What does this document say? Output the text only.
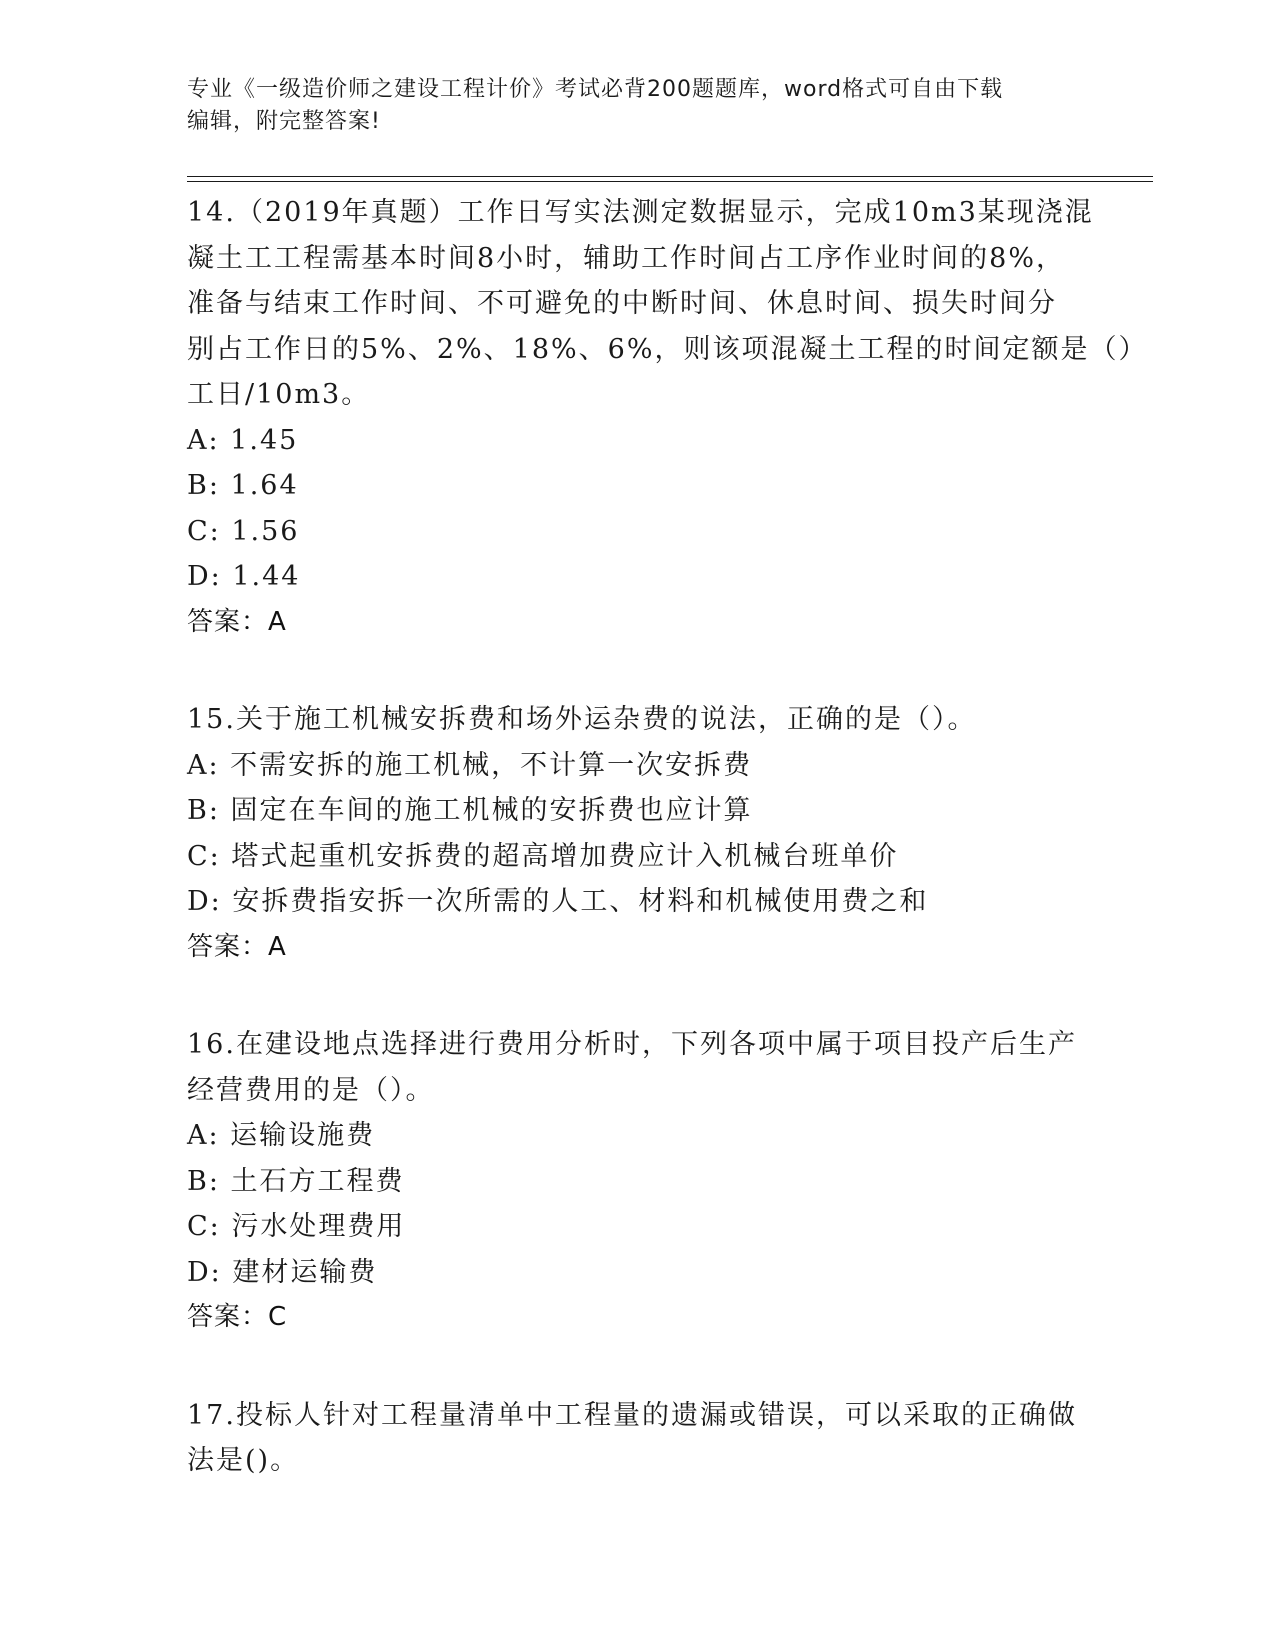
专业《一级造价师之建设工程计价》考试必背200题题库，word格式可自由下载
编辑，附完整答案!
14.（2019年真题）工作日写实法测定数据显示，完成10m3某现浇混
凝土工工程需基本时间8小时，辅助工作时间占工序作业时间的8%，
准备与结束工作时间、不可避免的中断时间、休息时间、损失时间分
别占工作日的5%、2%、18%、6%，则该项混凝土工程的时间定额是（）
工日/10m3。
A: 1.45
B: 1.64
C: 1.56
D: 1.44
答案：A
15.关于施工机械安拆费和场外运杂费的说法，正确的是（）。
A: 不需安拆的施工机械，不计算一次安拆费
B: 固定在车间的施工机械的安拆费也应计算
C: 塔式起重机安拆费的超高增加费应计入机械台班单价
D: 安拆费指安拆一次所需的人工、材料和机械使用费之和
答案：A
16.在建设地点选择进行费用分析时，下列各项中属于项目投产后生产
经营费用的是（）。
A: 运输设施费
B: 土石方工程费
C: 污水处理费用
D: 建材运输费
答案：C
17.投标人针对工程量清单中工程量的遗漏或错误，可以采取的正确做
法是()。
